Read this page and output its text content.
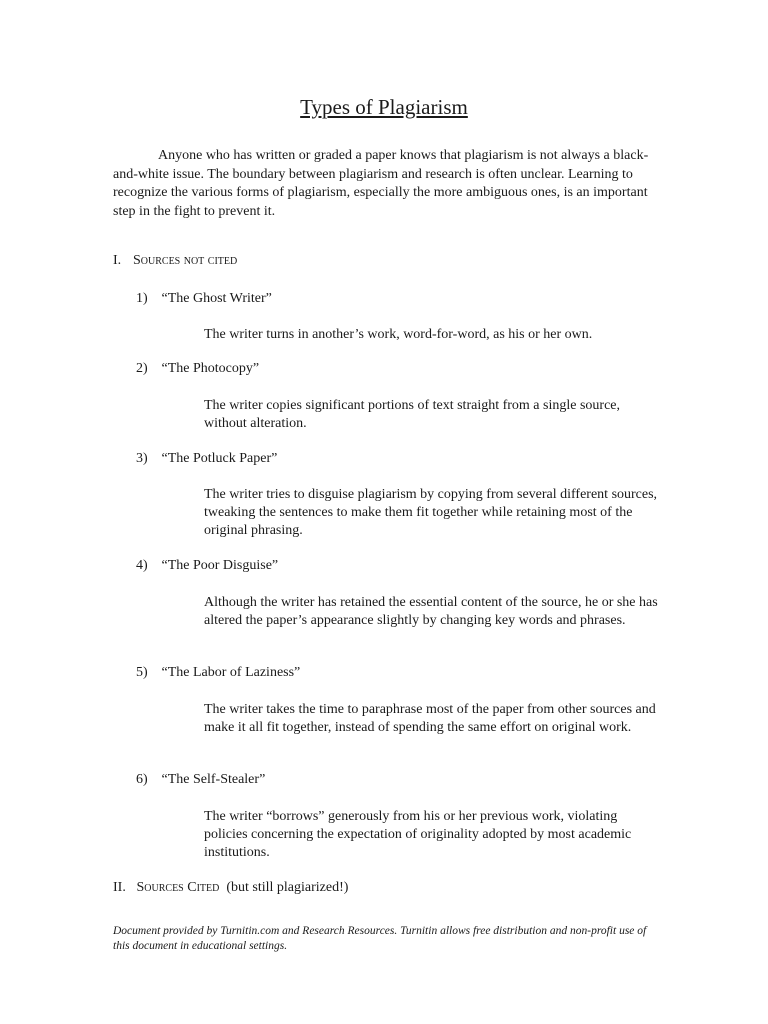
Types of Plagiarism

Anyone who has written or graded a paper knows that plagiarism is not always a black-and-white issue. The boundary between plagiarism and research is often unclear. Learning to recognize the various forms of plagiarism, especially the more ambiguous ones, is an important step in the fight to prevent it.

I. Sources not cited
1) “The Ghost Writer”
The writer turns in another’s work, word-for-word, as his or her own.
2) “The Photocopy”
The writer copies significant portions of text straight from a single source, without alteration.
3) “The Potluck Paper”
The writer tries to disguise plagiarism by copying from several different sources, tweaking the sentences to make them fit together while retaining most of the original phrasing.
4) “The Poor Disguise”
Although the writer has retained the essential content of the source, he or she has altered the paper’s appearance slightly by changing key words and phrases.
5) “The Labor of Laziness”
The writer takes the time to paraphrase most of the paper from other sources and make it all fit together, instead of spending the same effort on original work.
6) “The Self-Stealer”
The writer “borrows” generously from his or her previous work, violating policies concerning the expectation of originality adopted by most academic institutions.
II. Sources Cited (but still plagiarized!)
Document provided by Turnitin.com and Research Resources. Turnitin allows free distribution and non-profit use of this document in educational settings.
